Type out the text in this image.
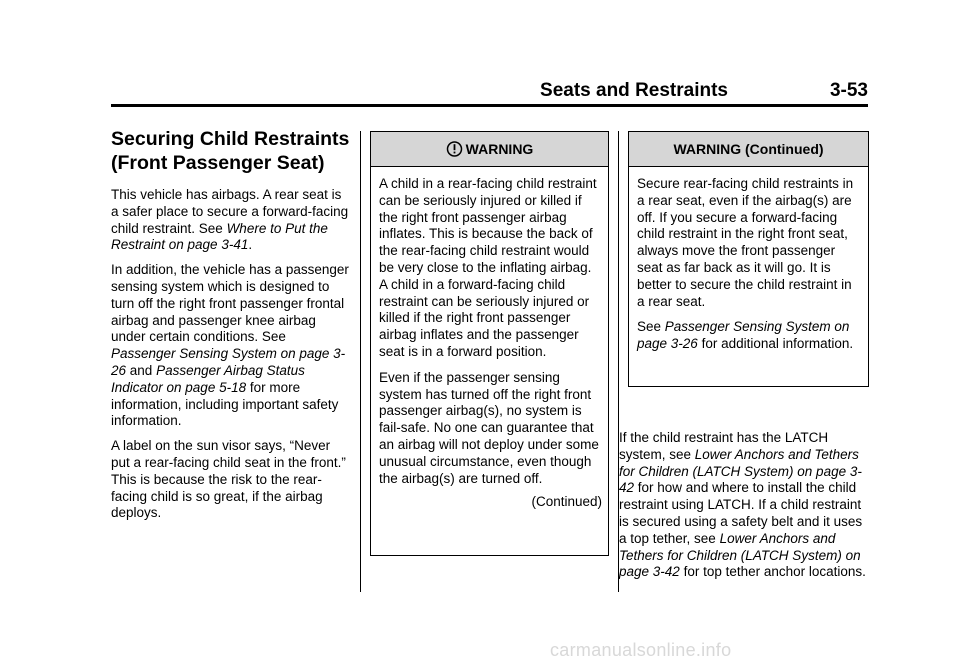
Seats and Restraints	3-53
Securing Child Restraints (Front Passenger Seat)

This vehicle has airbags. A rear seat is a safer place to secure a forward-facing child restraint. See Where to Put the Restraint on page 3-41.

In addition, the vehicle has a passenger sensing system which is designed to turn off the right front passenger frontal airbag and passenger knee airbag under certain conditions. See Passenger Sensing System on page 3-26 and Passenger Airbag Status Indicator on page 5-18 for more information, including important safety information.

A label on the sun visor says, “Never put a rear-facing child seat in the front.” This is because the risk to the rear-facing child is so great, if the airbag deploys.

WARNING

A child in a rear-facing child restraint can be seriously injured or killed if the right front passenger airbag inflates. This is because the back of the rear-facing child restraint would be very close to the inflating airbag. A child in a forward-facing child restraint can be seriously injured or killed if the right front passenger airbag inflates and the passenger seat is in a forward position.

Even if the passenger sensing system has turned off the right front passenger airbag(s), no system is fail-safe. No one can guarantee that an airbag will not deploy under some unusual circumstance, even though the airbag(s) are turned off.

(Continued)
WARNING (Continued)

Secure rear-facing child restraints in a rear seat, even if the airbag(s) are off. If you secure a forward-facing child restraint in the right front seat, always move the front passenger seat as far back as it will go. It is better to secure the child restraint in a rear seat.

See Passenger Sensing System on page 3-26 for additional information.

If the child restraint has the LATCH system, see Lower Anchors and Tethers for Children (LATCH System) on page 3-42 for how and where to install the child restraint using LATCH. If a child restraint is secured using a safety belt and it uses a top tether, see Lower Anchors and Tethers for Children (LATCH System) on page 3-42 for top tether anchor locations.

carmanualsonline.info
